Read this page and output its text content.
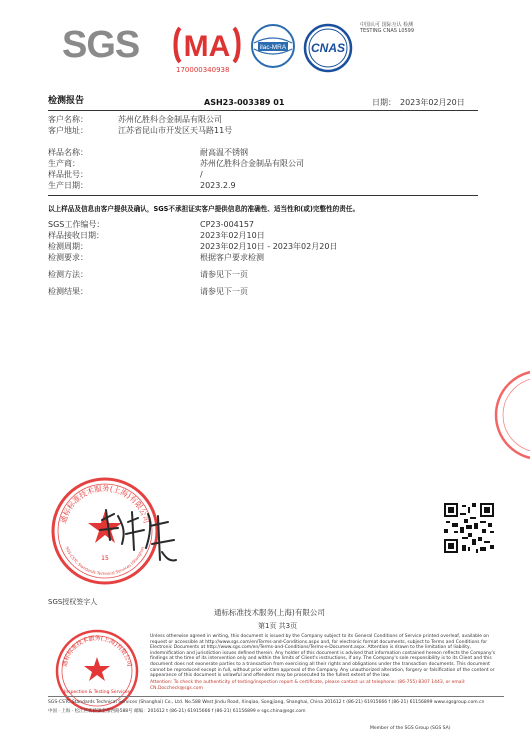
SGS MA
170000340938
ilac-MRA CNAS
中国认可 国际互认 检测 TESTING CNAS L0599
检测报告	ASH23-003389 01	日期： 2023年02月20日
客户名称：	苏州亿胜科合金制品有限公司
客户地址：	江苏省昆山市开发区天马路11号
样品名称：	耐高温不锈钢
生产商：	苏州亿胜科合金制品有限公司
样品批号：	/
生产日期：	2023.2.9
以上样品及信息由客户提供及确认，SGS不承担证实客户提供信息的准确性、适当性和(或)完整性的责任。
SGS工作编号：	CP23-004157
样品接收日期：	2023年02月10日
检测周期：	2023年02月10日 - 2023年02月20日
检测要求：	根据客户要求检测
检测方法：	请参见下一页
检测结果：	请参见下一页
通标标准技术服务(上海)有限公司
SGS-CSTC Standards Technical Services (Shanghai)
15
SGS授权签字人
通标标准技术服务(上海)有限公司
第1页 共3页
通标标准技术服务(上海)有限公司
Inspection & Testing Services
Unless otherwise agreed in writing, this document is issued by the Company subject to its General Conditions of Service printed overleaf, available on request or accessible at http://www.sgs.com/en/Terms-and-Conditions.aspx and, for electronic format documents, subject to Terms and Conditions for Electronic Documents at http://www.sgs.com/en/Terms-and-Conditions/Terms-e-Document.aspx. Attention is drawn to the limitation of liability, indemnification and jurisdiction issues defined therein. Any holder of this document is advised that information contained hereon reflects the Company's findings at the time of its intervention only and within the limits of Client's instructions, if any. The Company's sole responsibility is to its Client and this document does not exonerate parties to a transaction from exercising all their rights and obligations under the transaction documents. This document cannot be reproduced except in full, without prior written approval of the Company. Any unauthorized alteration, forgery or falsification of the content or appearance of this document is unlawful and offenders may be prosecuted to the fullest extent of the law.
Attention: To check the authenticity of testing/inspection report & certificate, please contact us at telephone: (86-755) 8307 1443, or email: CN.Doccheck@sgs.com
SGS-CSTC Standards Technical Services (Shanghai) Co., Ltd. No.588 West Jindu Road, Xinqiao, Songjiang, Shanghai, China 201612 t (86-21) 61915666 f (86-21) 61156899 www.sgsgroup.com.cn
中国 · 上海 · 松江区新桥镇金都西路588号 邮编：201612 t (86-21) 61915666 f (86-21) 61156899 e sgs.china@sgs.com
Member of the SGS Group (SGS SA)
